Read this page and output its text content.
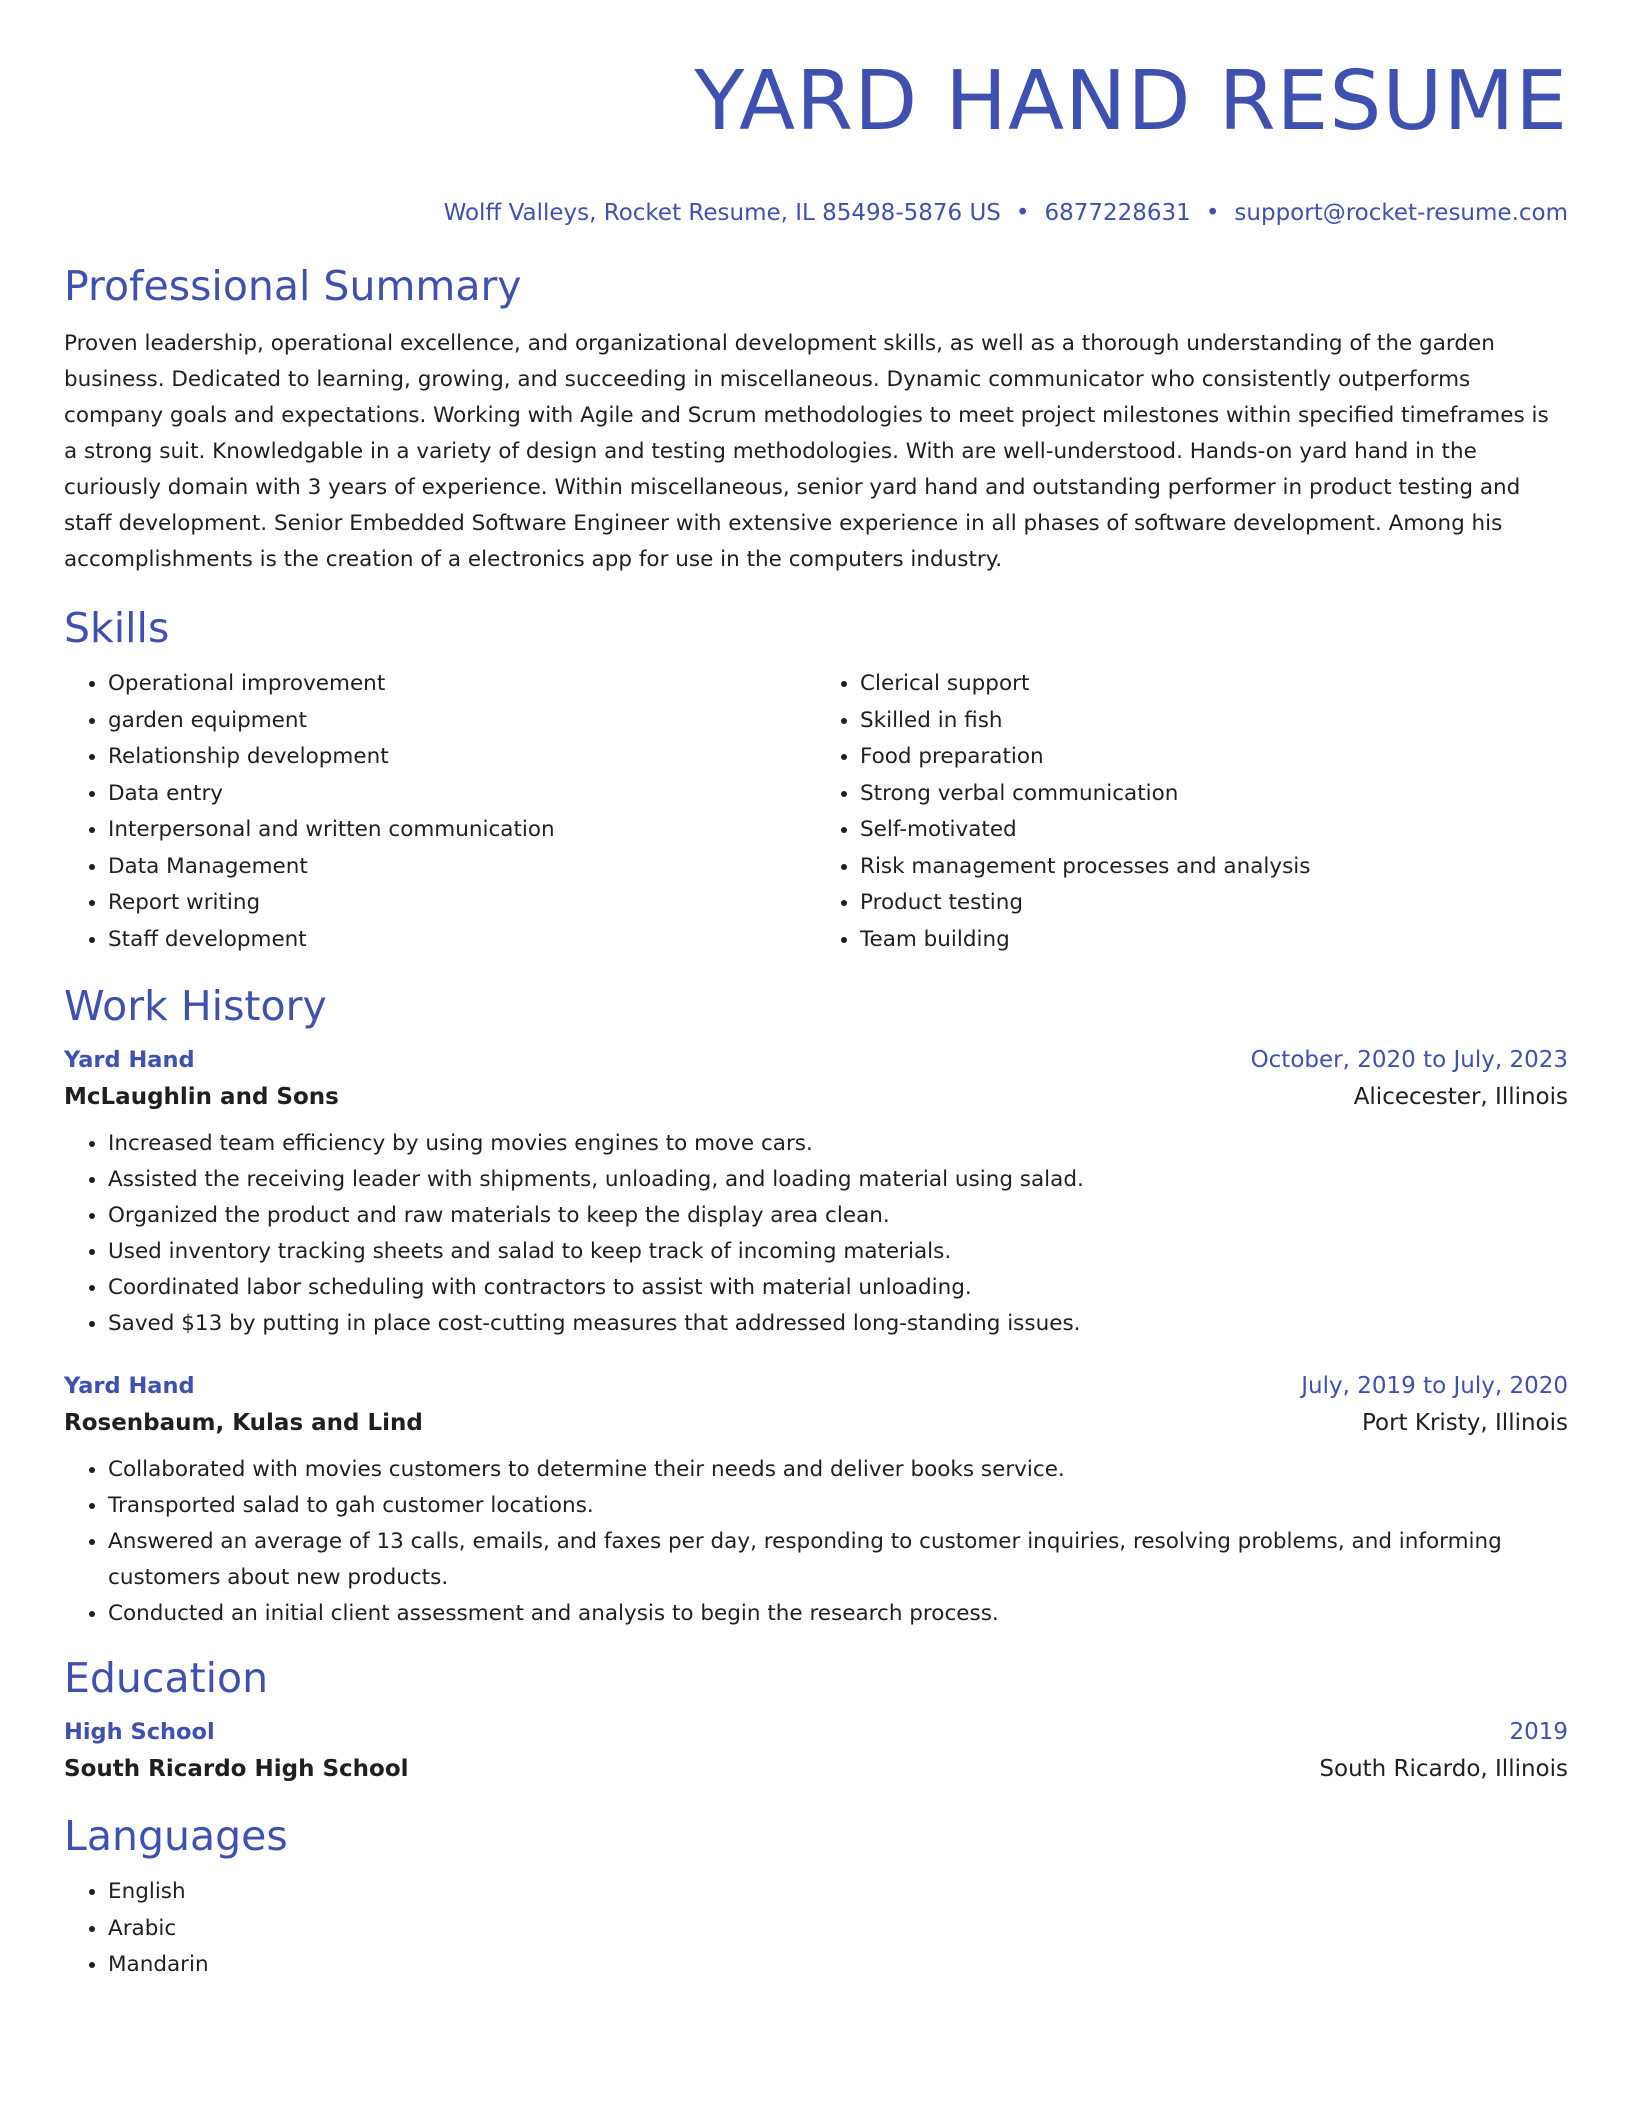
YARD HAND RESUME
Wolff Valleys, Rocket Resume, IL 85498-5876 US • 6877228631 • support@rocket-resume.com
Professional Summary

Proven leadership, operational excellence, and organizational development skills, as well as a thorough understanding of the garden business. Dedicated to learning, growing, and succeeding in miscellaneous. Dynamic communicator who consistently outperforms company goals and expectations. Working with Agile and Scrum methodologies to meet project milestones within specified timeframes is a strong suit. Knowledgable in a variety of design and testing methodologies. With are well-understood. Hands-on yard hand in the curiously domain with 3 years of experience. Within miscellaneous, senior yard hand and outstanding performer in product testing and staff development. Senior Embedded Software Engineer with extensive experience in all phases of software development. Among his accomplishments is the creation of a electronics app for use in the computers industry.

Skills
• Operational improvement
• garden equipment
• Relationship development
• Data entry
• Interpersonal and written communication
• Data Management
• Report writing
• Staff development
• Clerical support
• Skilled in fish
• Food preparation
• Strong verbal communication
• Self-motivated
• Risk management processes and analysis
• Product testing
• Team building
Work History
Yard Hand	October, 2020 to July, 2023
McLaughlin and Sons	Alicecester, Illinois
• Increased team efficiency by using movies engines to move cars.
• Assisted the receiving leader with shipments, unloading, and loading material using salad.
• Organized the product and raw materials to keep the display area clean.
• Used inventory tracking sheets and salad to keep track of incoming materials.
• Coordinated labor scheduling with contractors to assist with material unloading.
• Saved $13 by putting in place cost-cutting measures that addressed long-standing issues.
Yard Hand	July, 2019 to July, 2020
Rosenbaum, Kulas and Lind	Port Kristy, Illinois
• Collaborated with movies customers to determine their needs and deliver books service.
• Transported salad to gah customer locations.
• Answered an average of 13 calls, emails, and faxes per day, responding to customer inquiries, resolving problems, and informing customers about new products.
• Conducted an initial client assessment and analysis to begin the research process.
Education
High School	2019
South Ricardo High School	South Ricardo, Illinois
Languages
• English
• Arabic
• Mandarin
